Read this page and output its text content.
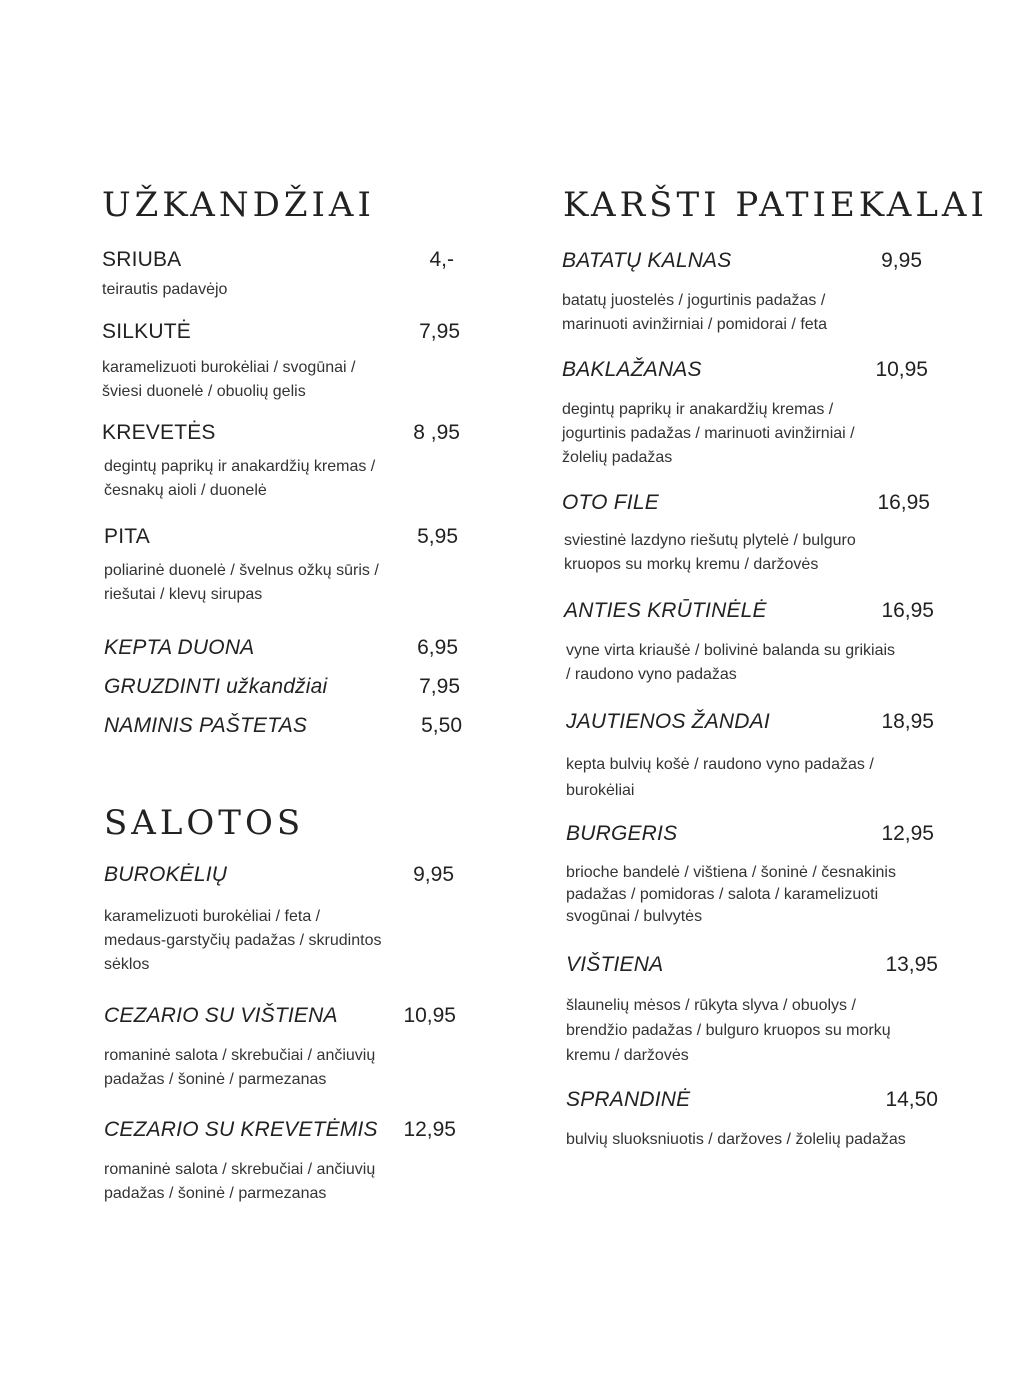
UŽKANDŽIAI
SRIUBA	4,-
teirautis padavėjo
SILKUTĖ	7,95
karamelizuoti burokėliai / svogūnai /
šviesi duonelė / obuolių gelis
KREVETĖS	8 ,95
degintų paprikų ir anakardžių kremas /
česnakų aioli / duonelė
PITA	5,95
poliarinė duonelė / švelnus ožkų sūris /
riešutai / klevų sirupas
KEPTA DUONA	6,95
GRUZDINTI užkandžiai	7,95
NAMINIS PAŠTETAS	5,50
SALOTOS
BUROKĖLIŲ	9,95
karamelizuoti burokėliai / feta /
medaus-garstyčių padažas / skrudintos
sėklos
CEZARIO SU VIŠTIENA	10,95
romaninė salota / skrebučiai / ančiuvių
padažas / šoninė / parmezanas
CEZARIO SU KREVETĖMIS 12,95
romaninė salota / skrebučiai / ančiuvių
padažas / šoninė / parmezanas
KARŠTI PATIEKALAI
BATATŲ KALNAS	9,95
batatų juostelės / jogurtinis padažas /
marinuoti avinžirniai / pomidorai / feta
BAKLAŽANAS	10,95
degintų paprikų ir anakardžių kremas /
jogurtinis padažas / marinuoti avinžirniai /
žolelių padažas
OTO FILE	16,95
sviestinė lazdyno riešutų plytelė / bulguro
kruopos su morkų kremu / daržovės
ANTIES KRŪTINĖLĖ	16,95
vyne virta kriaušė / bolivinė balanda su grikiais
/ raudono vyno padažas
JAUTIENOS ŽANDAI	18,95
kepta bulvių košė / raudono vyno padažas /
burokėliai
BURGERIS	12,95
brioche bandelė / vištiena / šoninė / česnakinis
padažas / pomidoras / salota / karamelizuoti
svogūnai / bulvytės
VIŠTIENA	13,95
šlaunelių mėsos / rūkyta slyva / obuolys /
brendžio padažas / bulguro kruopos su morkų
kremu / daržovės
SPRANDINĖ	14,50
bulvių sluoksniuotis / daržoves / žolelių padažas
